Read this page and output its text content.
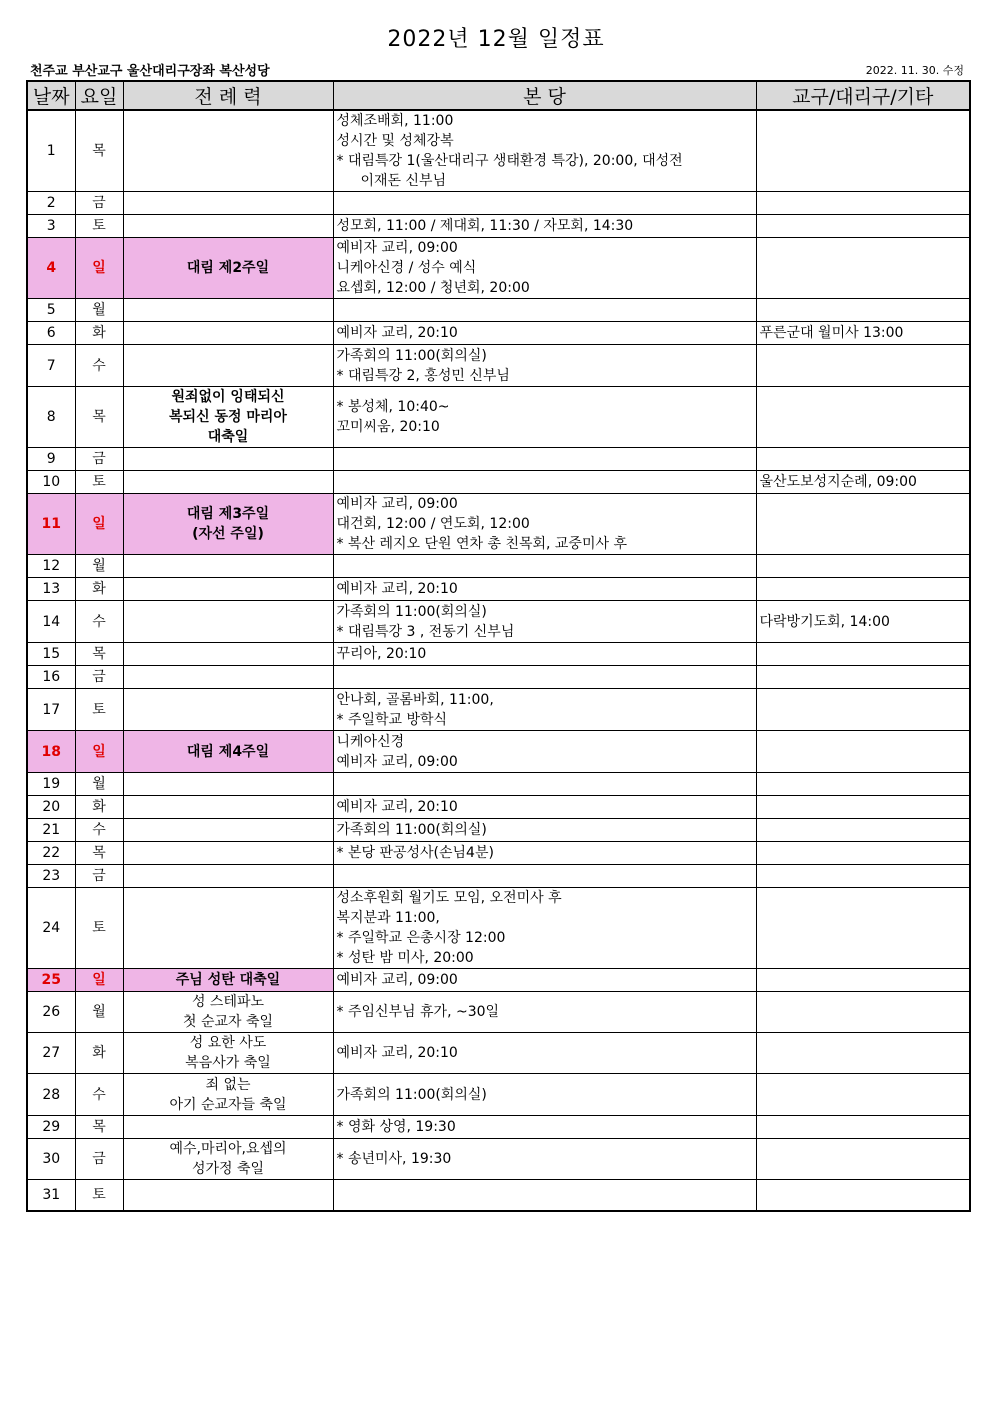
2022년 12월 일정표
천주교 부산교구 울산대리구장좌 복산성당	2022. 11. 30. 수정
날짜	요일	전 례 력	본 당	교구/대리구/기타

1	목		성체조배회, 11:00
성시간 및 성체강복
* 대림특강 1(울산대리구 생태환경 특강), 20:00, 대성전
이재돈 신부님	

2	금			

3	토		성모회, 11:00 / 제대회, 11:30 / 자모회, 14:30	

4	일	대림 제2주일	예비자 교리, 09:00
니케아신경 / 성수 예식
요셉회, 12:00 / 청년회, 20:00	

5	월			

6	화		예비자 교리, 20:10	푸른군대 월미사 13:00

7	수		가족회의 11:00(회의실)
* 대림특강 2, 홍성민 신부님	

8	목	원죄없이 잉태되신
복되신 동정 마리아
대축일	* 봉성체, 10:40~
꼬미씨움, 20:10	

9	금			

10	토			울산도보성지순례, 09:00

11	일	대림 제3주일
(자선 주일)	예비자 교리, 09:00
대건회, 12:00 / 연도회, 12:00
* 복산 레지오 단원 연차 총 친목회, 교중미사 후	

12	월			

13	화		예비자 교리, 20:10	

14	수		가족회의 11:00(회의실)
* 대림특강 3 , 전동기 신부님	다락방기도회, 14:00

15	목		꾸리아, 20:10	

16	금			

17	토		안나회, 골롬바회, 11:00,
* 주일학교 방학식	

18	일	대림 제4주일	니케아신경
예비자 교리, 09:00	

19	월			

20	화		예비자 교리, 20:10	

21	수		가족회의 11:00(회의실)	

22	목		* 본당 판공성사(손님4분)	

23	금			

24	토		성소후원회 월기도 모임, 오전미사 후
복지분과 11:00,
* 주일학교 은총시장 12:00
* 성탄 밤 미사, 20:00	

25	일	주님 성탄 대축일	예비자 교리, 09:00	

26	월	성 스테파노
첫 순교자 축일	* 주임신부님 휴가, ~30일	

27	화	성 요한 사도
복음사가 축일	예비자 교리, 20:10	

28	수	죄 없는
아기 순교자들 축일	가족회의 11:00(회의실)	

29	목		* 영화 상영, 19:30	

30	금	예수,마리아,요셉의
성가정 축일	* 송년미사, 19:30	

31	토			
